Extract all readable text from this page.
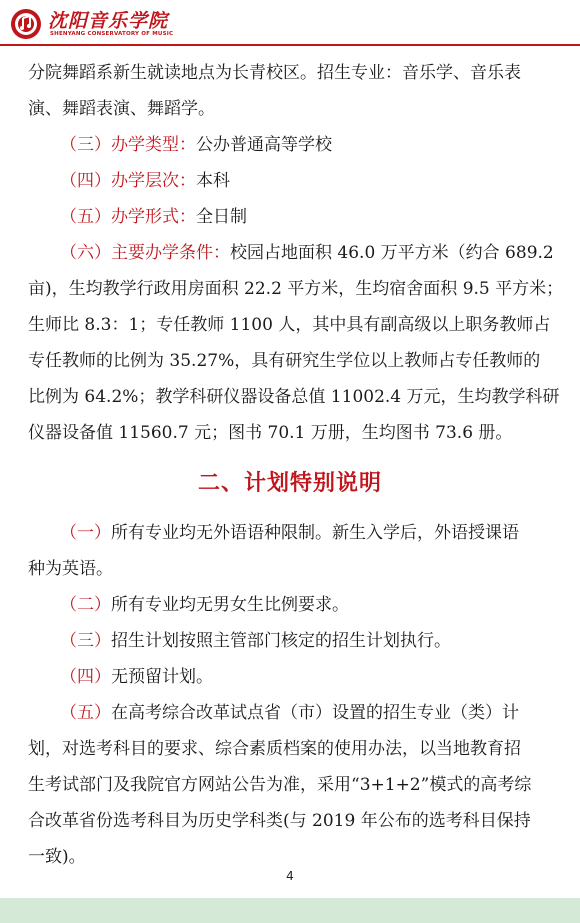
沈阳音乐学院
SHENYANG CONSERVATORY OF MUSIC
分院舞蹈系新生就读地点为长青校区。招生专业：音乐学、音乐表
演、舞蹈表演、舞蹈学。
（三）办学类型：公办普通高等学校
（四）办学层次：本科
（五）办学形式：全日制
（六）主要办学条件：校园占地面积 46.0 万平方米（约合 689.2
亩)，生均教学行政用房面积 22.2 平方米，生均宿舍面积 9.5 平方米；
生师比 8.3：1；专任教师 1100 人，其中具有副高级以上职务教师占
专任教师的比例为 35.27%，具有研究生学位以上教师占专任教师的
比例为 64.2%；教学科研仪器设备总值 11002.4 万元，生均教学科研
仪器设备值 11560.7 元；图书 70.1 万册，生均图书 73.6 册。
二、计划特别说明
（一）所有专业均无外语语种限制。新生入学后，外语授课语
种为英语。
（二）所有专业均无男女生比例要求。
（三）招生计划按照主管部门核定的招生计划执行。
（四）无预留计划。
（五）在高考综合改革试点省（市）设置的招生专业（类）计
划，对选考科目的要求、综合素质档案的使用办法，以当地教育招
生考试部门及我院官方网站公告为准，采用“3+1+2”模式的高考综
合改革省份选考科目为历史学科类(与 2019 年公布的选考科目保持
一致)。
4
